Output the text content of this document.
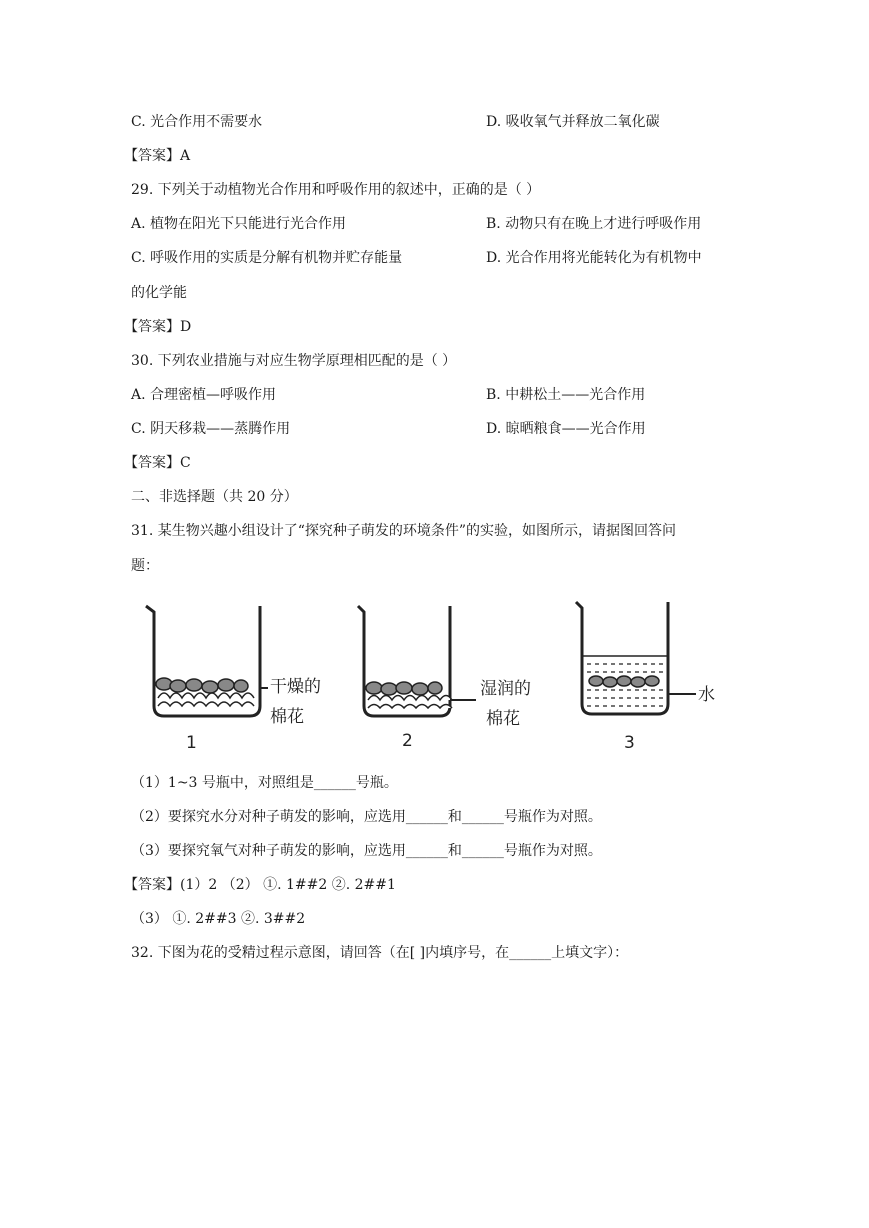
C. 光合作用不需要水	D. 吸收氧气并释放二氧化碳
【答案】A
29. 下列关于动植物光合作用和呼吸作用的叙述中，正确的是（ ）
A. 植物在阳光下只能进行光合作用	B. 动物只有在晚上才进行呼吸作用
C. 呼吸作用的实质是分解有机物并贮存能量	D. 光合作用将光能转化为有机物中
的化学能
【答案】D
30. 下列农业措施与对应生物学原理相匹配的是（ ）
A. 合理密植—呼吸作用	B. 中耕松土——光合作用
C. 阴天移栽——蒸腾作用	D. 晾晒粮食——光合作用
【答案】C
二、非选择题（共 20 分）
31. 某生物兴趣小组设计了“探究种子萌发的环境条件”的实验，如图所示，请据图回答问
题：
干燥的
棉花
1
湿润的
棉花
2
水
3
（1）1~3 号瓶中，对照组是______号瓶。
（2）要探究水分对种子萌发的影响，应选用______和______号瓶作为对照。
（3）要探究氧气对种子萌发的影响，应选用______和______号瓶作为对照。
【答案】(1）2 （2） ①. 1##2 ②. 2##1
（3） ①. 2##3 ②. 3##2
32. 下图为花的受精过程示意图，请回答（在[ ]内填序号，在______上填文字）：
